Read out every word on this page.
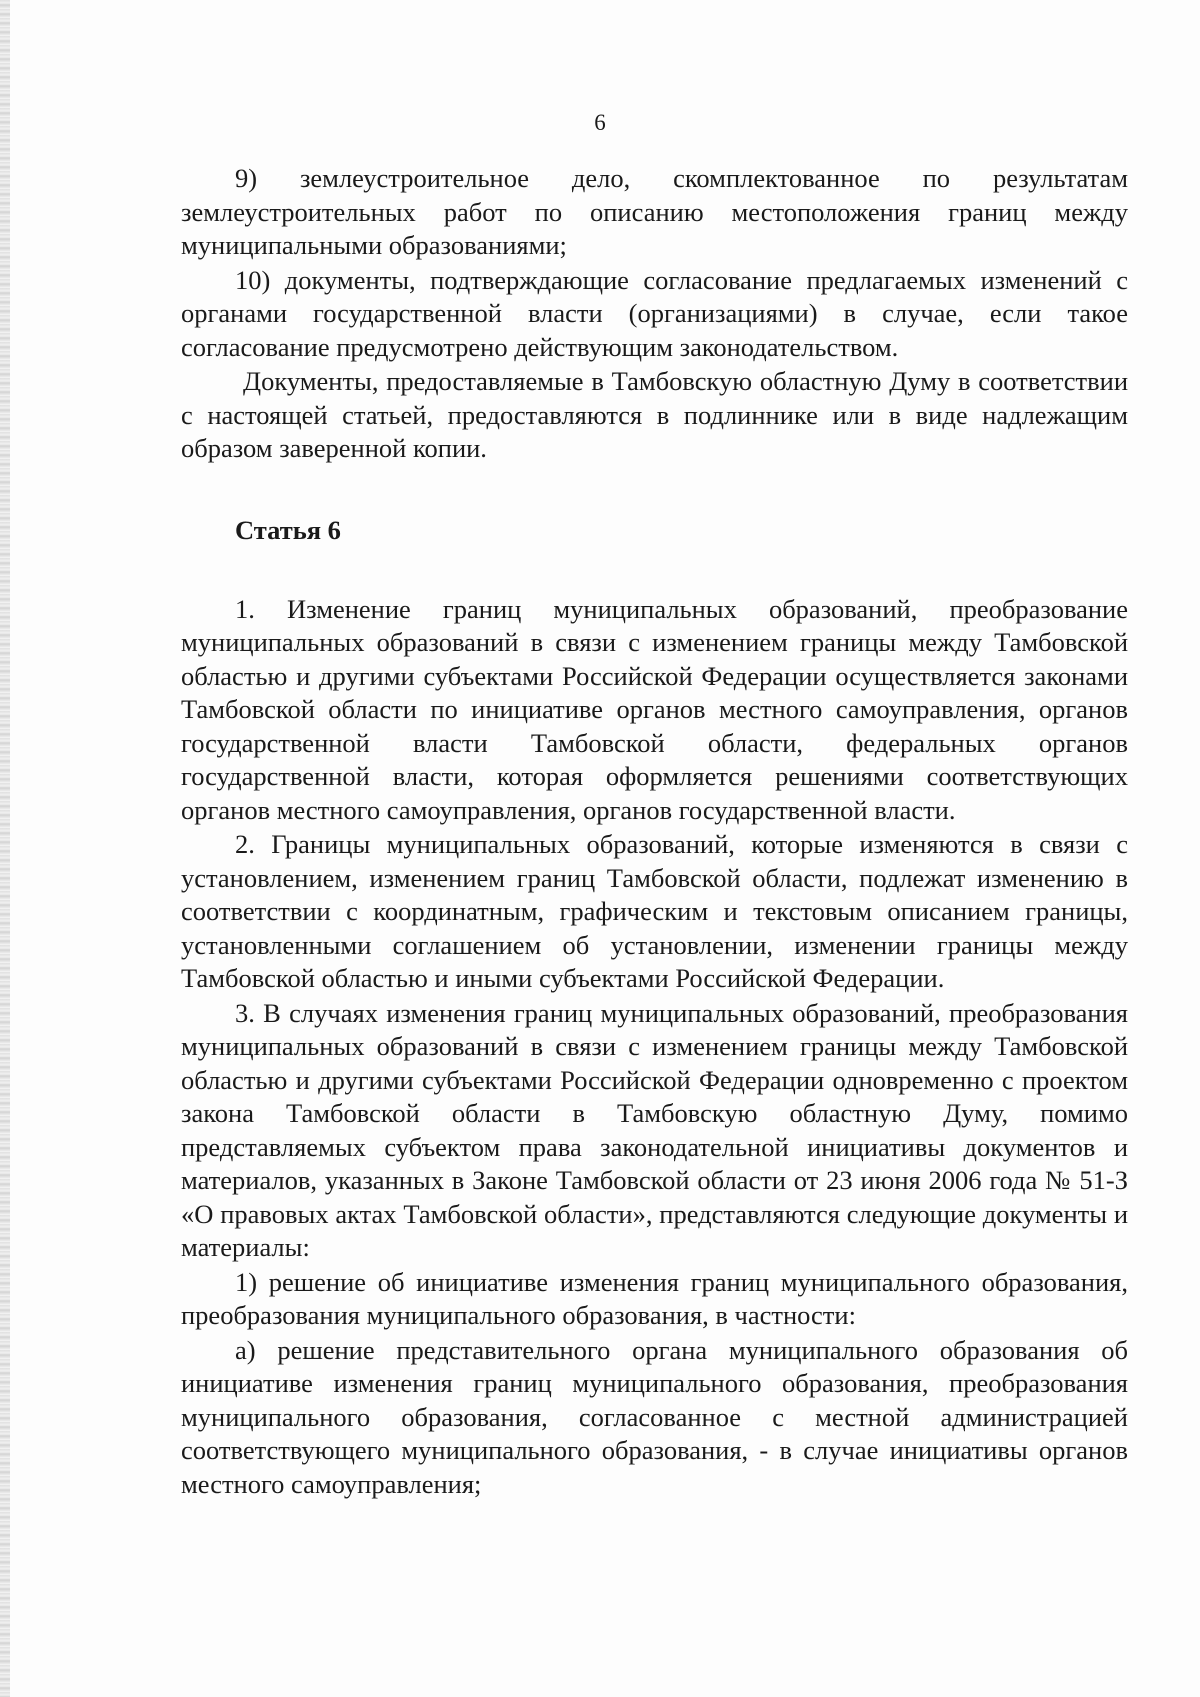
6

9) землеустроительное дело, скомплектованное по результатам землеустроительных работ по описанию местоположения границ между муниципальными образованиями;

10) документы, подтверждающие согласование предлагаемых изменений с органами государственной власти (организациями) в случае, если такое согласование предусмотрено действующим законодательством.

Документы, предоставляемые в Тамбовскую областную Думу в соответствии с настоящей статьей, предоставляются в подлиннике или в виде надлежащим образом заверенной копии.

Статья 6

1. Изменение границ муниципальных образований, преобразование муниципальных образований в связи с изменением границы между Тамбовской областью и другими субъектами Российской Федерации осуществляется законами Тамбовской области по инициативе органов местного самоуправления, органов государственной власти Тамбовской области, федеральных органов государственной власти, которая оформляется решениями соответствующих органов местного самоуправления, органов государственной власти.

2. Границы муниципальных образований, которые изменяются в связи с установлением, изменением границ Тамбовской области, подлежат изменению в соответствии с координатным, графическим и текстовым описанием границы, установленными соглашением об установлении, изменении границы между Тамбовской областью и иными субъектами Российской Федерации.

3. В случаях изменения границ муниципальных образований, преобразования муниципальных образований в связи с изменением границы между Тамбовской областью и другими субъектами Российской Федерации одновременно с проектом закона Тамбовской области в Тамбовскую областную Думу, помимо представляемых субъектом права законодательной инициативы документов и материалов, указанных в Законе Тамбовской области от 23 июня 2006 года № 51-З «О правовых актах Тамбовской области», представляются следующие документы и материалы:

1) решение об инициативе изменения границ муниципального образования, преобразования муниципального образования, в частности:

а) решение представительного органа муниципального образования об инициативе изменения границ муниципального образования, преобразования муниципального образования, согласованное с местной администрацией соответствующего муниципального образования, - в случае инициативы органов местного самоуправления;
